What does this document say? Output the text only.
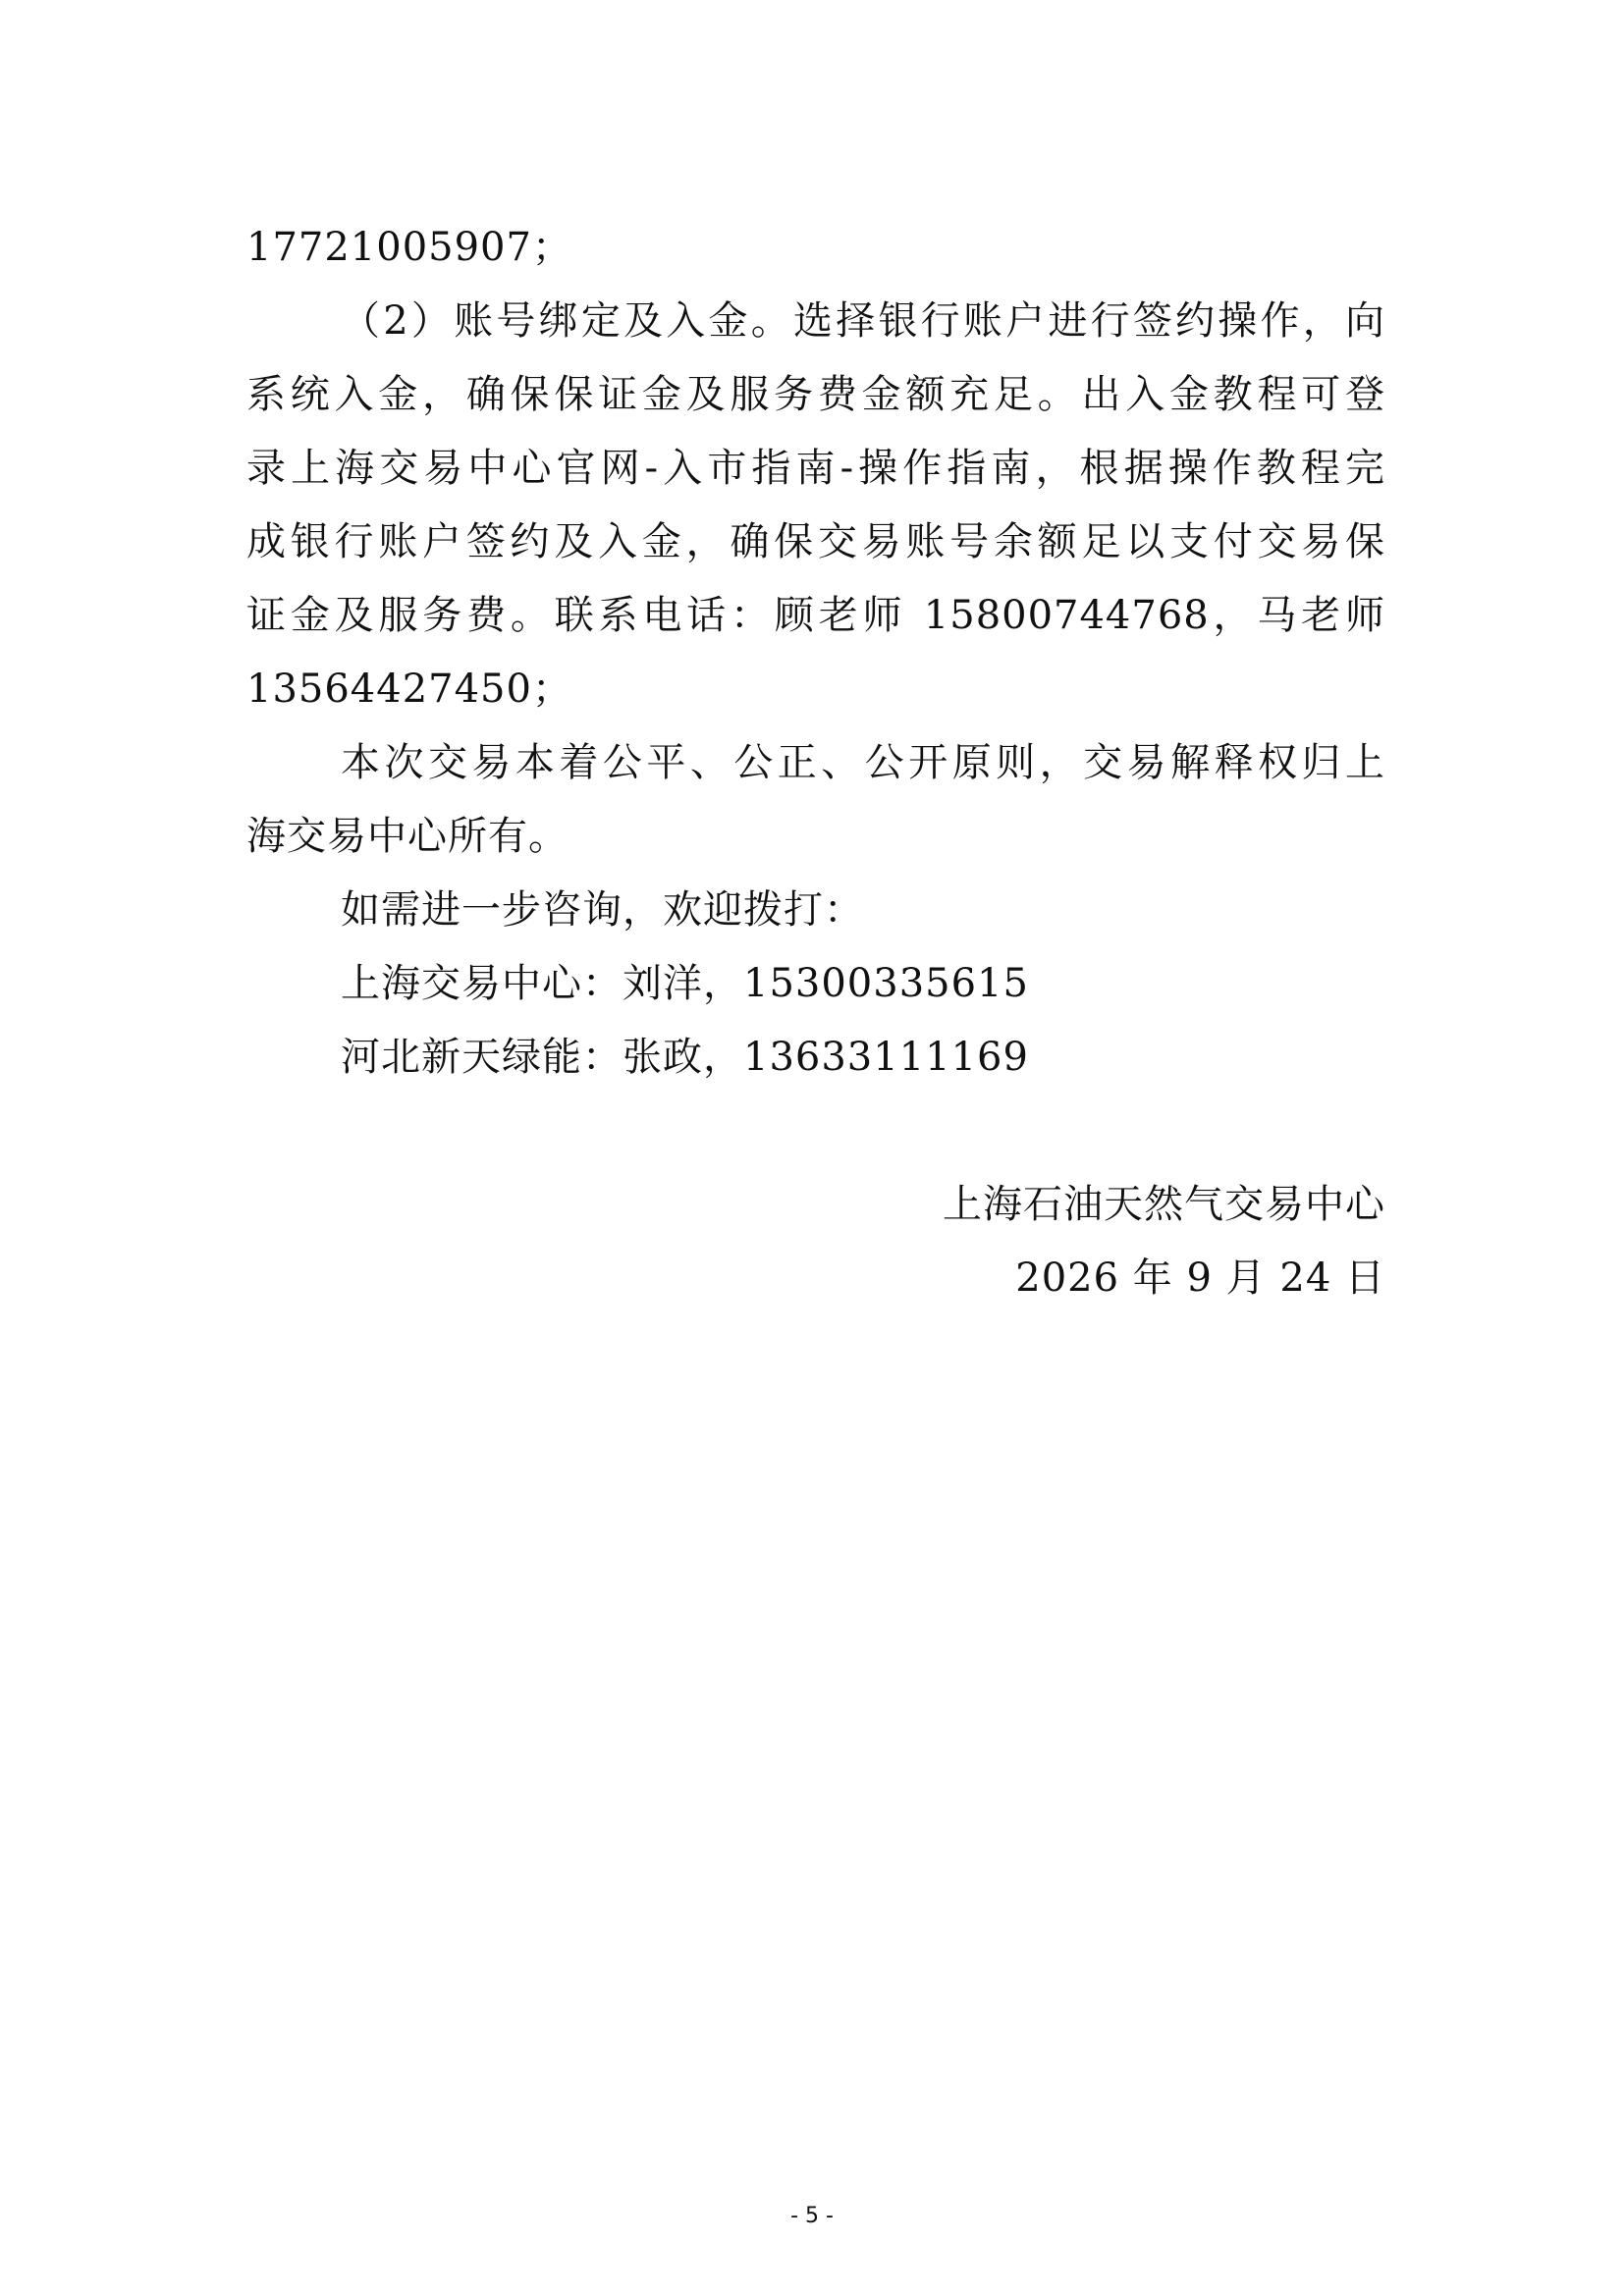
17721005907；
（2）账号绑定及入金。选择银行账户进行签约操作，向
系统入金，确保保证金及服务费金额充足。出入金教程可登
录上海交易中心官网-入市指南-操作指南，根据操作教程完
成银行账户签约及入金，确保交易账号余额足以支付交易保
证金及服务费。联系电话：顾老师 15800744768，马老师
13564427450；
本次交易本着公平、公正、公开原则，交易解释权归上
海交易中心所有。
如需进一步咨询，欢迎拨打：
上海交易中心：刘洋，15300335615
河北新天绿能：张政，13633111169
上海石油天然气交易中心
2026 年 9 月 24 日
- 5 -
